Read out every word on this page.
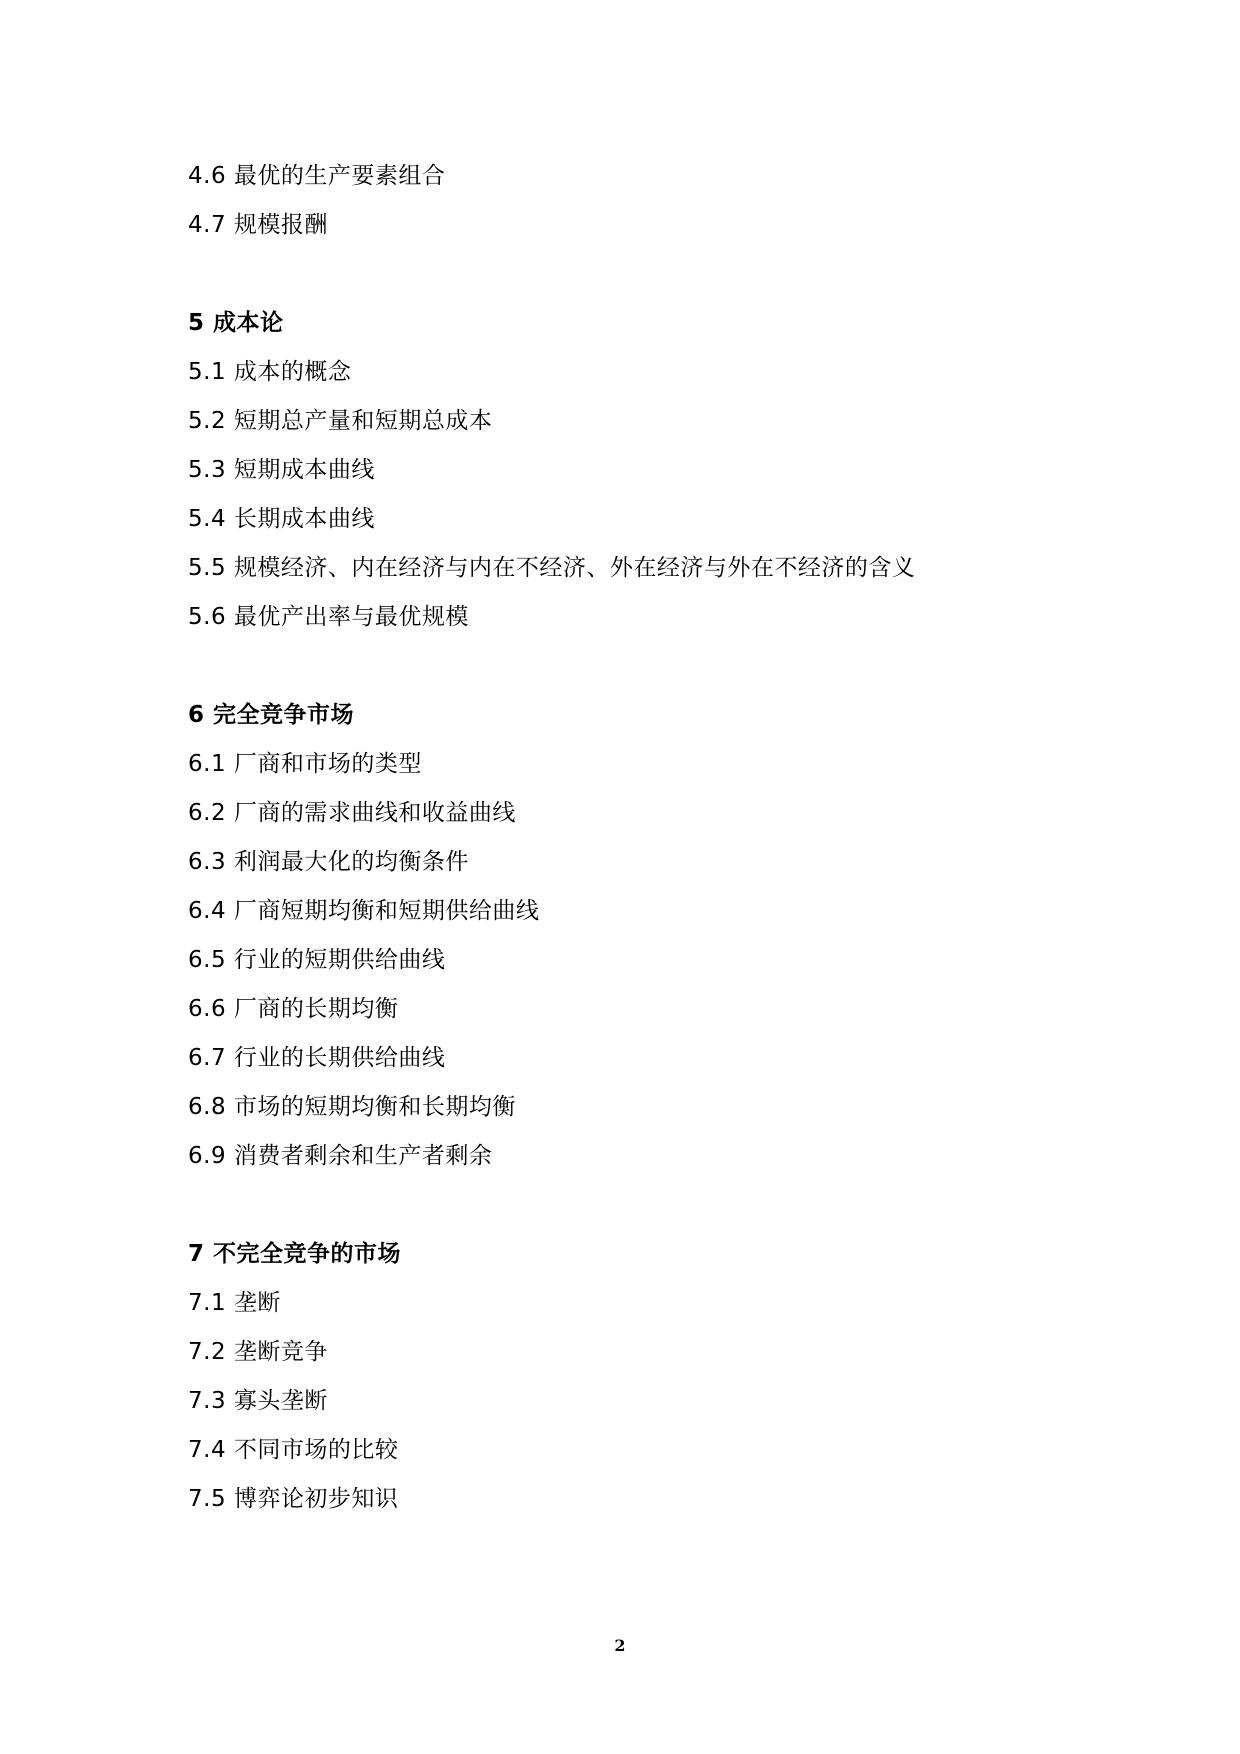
4.6 最优的生产要素组合
4.7 规模报酬
5 成本论
5.1 成本的概念
5.2 短期总产量和短期总成本
5.3 短期成本曲线
5.4 长期成本曲线
5.5 规模经济、内在经济与内在不经济、外在经济与外在不经济的含义
5.6 最优产出率与最优规模
6 完全竞争市场
6.1 厂商和市场的类型
6.2 厂商的需求曲线和收益曲线
6.3 利润最大化的均衡条件
6.4 厂商短期均衡和短期供给曲线
6.5 行业的短期供给曲线
6.6 厂商的长期均衡
6.7 行业的长期供给曲线
6.8 市场的短期均衡和长期均衡
6.9 消费者剩余和生产者剩余
7 不完全竞争的市场
7.1 垄断
7.2 垄断竞争
7.3 寡头垄断
7.4 不同市场的比较
7.5 博弈论初步知识
2
